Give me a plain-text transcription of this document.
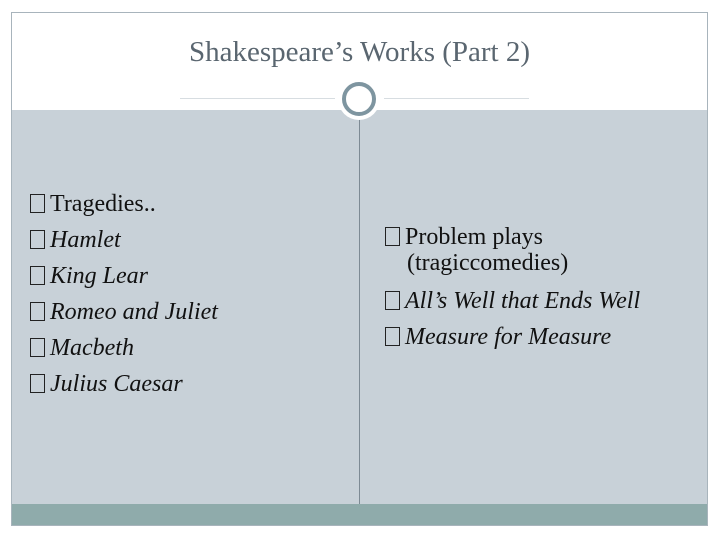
Shakespeare’s Works (Part 2)
Tragedies..
Hamlet
King Lear
Romeo and Juliet
Macbeth
Julius Caesar
Problem plays
(tragiccomedies)
All’s Well that Ends Well
Measure for Measure
